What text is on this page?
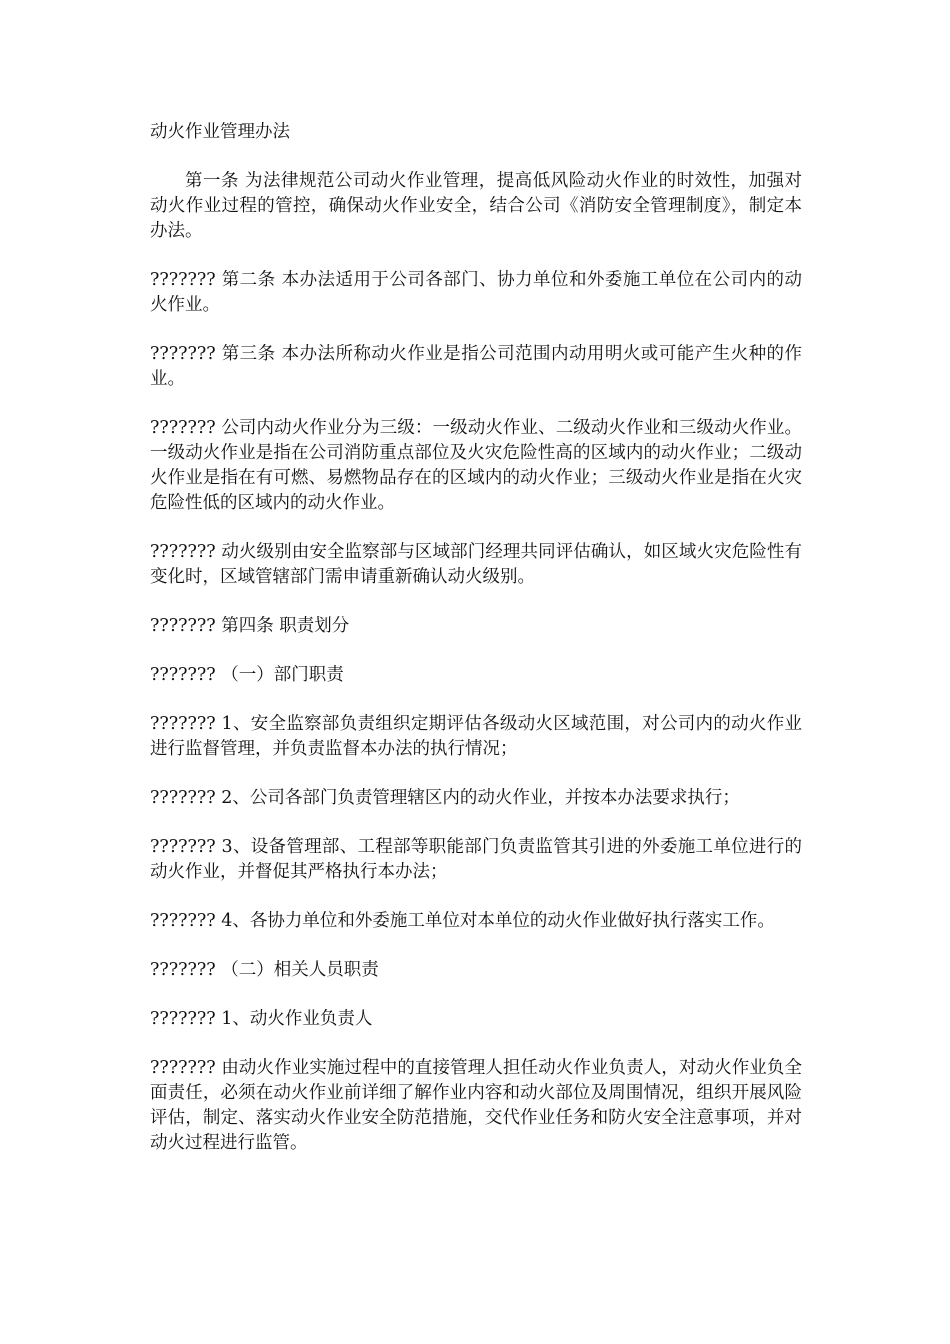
动火作业管理办法

第一条 为法律规范公司动火作业管理，提高低风险动火作业的时效性，加强对动火作业过程的管控，确保动火作业安全，结合公司《消防安全管理制度》，制定本办法。

??????? 第二条 本办法适用于公司各部门、协力单位和外委施工单位在公司内的动火作业。

??????? 第三条 本办法所称动火作业是指公司范围内动用明火或可能产生火种的作业。

??????? 公司内动火作业分为三级：一级动火作业、二级动火作业和三级动火作业。一级动火作业是指在公司消防重点部位及火灾危险性高的区域内的动火作业；二级动火作业是指在有可燃、易燃物品存在的区域内的动火作业；三级动火作业是指在火灾危险性低的区域内的动火作业。

??????? 动火级别由安全监察部与区域部门经理共同评估确认，如区域火灾危险性有变化时，区域管辖部门需申请重新确认动火级别。

??????? 第四条 职责划分

??????? （一）部门职责

??????? 1、安全监察部负责组织定期评估各级动火区域范围，对公司内的动火作业进行监督管理，并负责监督本办法的执行情况；

??????? 2、公司各部门负责管理辖区内的动火作业，并按本办法要求执行；

??????? 3、设备管理部、工程部等职能部门负责监管其引进的外委施工单位进行的动火作业，并督促其严格执行本办法；

??????? 4、各协力单位和外委施工单位对本单位的动火作业做好执行落实工作。

??????? （二）相关人员职责

??????? 1、动火作业负责人

??????? 由动火作业实施过程中的直接管理人担任动火作业负责人，对动火作业负全面责任，必须在动火作业前详细了解作业内容和动火部位及周围情况，组织开展风险评估，制定、落实动火作业安全防范措施，交代作业任务和防火安全注意事项，并对动火过程进行监管。
